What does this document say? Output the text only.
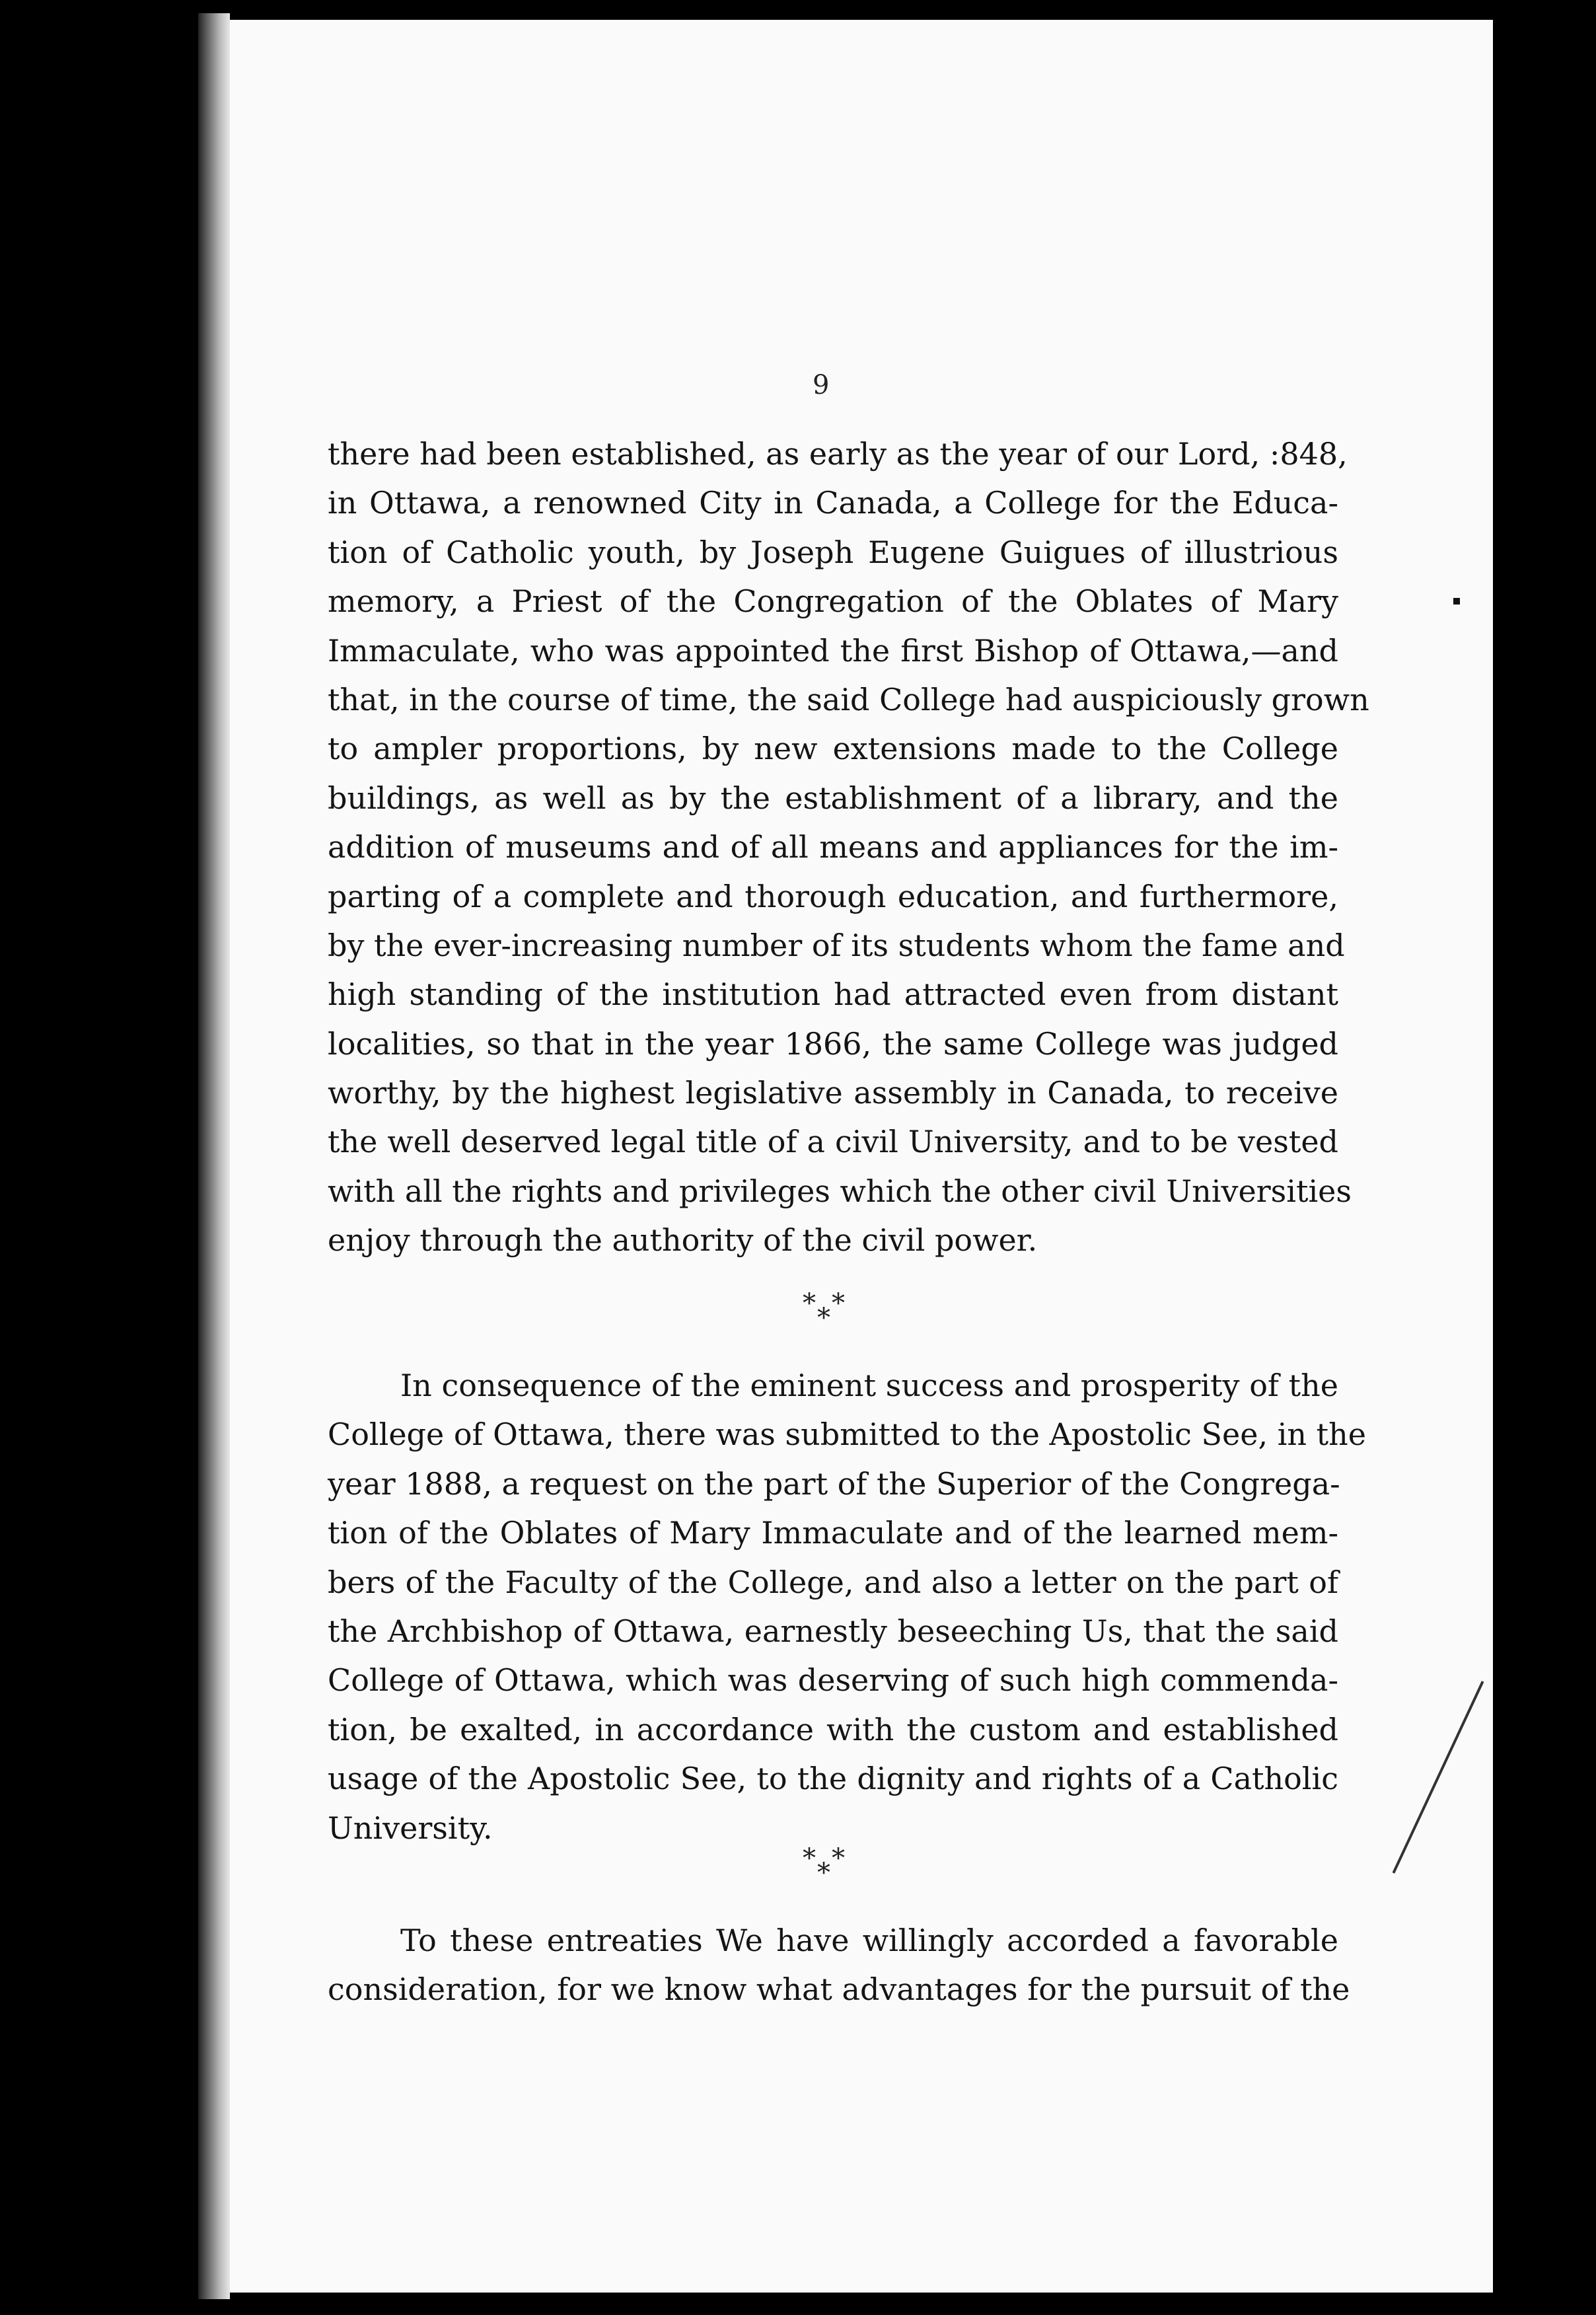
9
there had been established, as early as the year of our Lord, :848,
in Ottawa, a renowned City in Canada, a College for the Educa-
tion of Catholic youth, by Joseph Eugene Guigues of illustrious
memory, a Priest of the Congregation of the Oblates of Mary
Immaculate, who was appointed the first Bishop of Ottawa,—and
that, in the course of time, the said College had auspiciously grown
to ampler proportions, by new extensions made to the College
buildings, as well as by the establishment of a library, and the
addition of museums and of all means and appliances for the im-
parting of a complete and thorough education, and furthermore,
by the ever-increasing number of its students whom the fame and
high standing of the institution had attracted even from distant
localities, so that in the year 1866, the same College was judged
worthy, by the highest legislative assembly in Canada, to receive
the well deserved legal title of a civil University, and to be vested
with all the rights and privileges which the other civil Universities
enjoy through the authority of the civil power.
* *
*
In consequence of the eminent success and prosperity of the
College of Ottawa, there was submitted to the Apostolic See, in the
year 1888, a request on the part of the Superior of the Congrega-
tion of the Oblates of Mary Immaculate and of the learned mem-
bers of the Faculty of the College, and also a letter on the part of
the Archbishop of Ottawa, earnestly beseeching Us, that the said
College of Ottawa, which was deserving of such high commenda-
tion, be exalted, in accordance with the custom and established
usage of the Apostolic See, to the dignity and rights of a Catholic
University.
* *
*
To these entreaties We have willingly accorded a favorable
consideration, for we know what advantages for the pursuit of the
